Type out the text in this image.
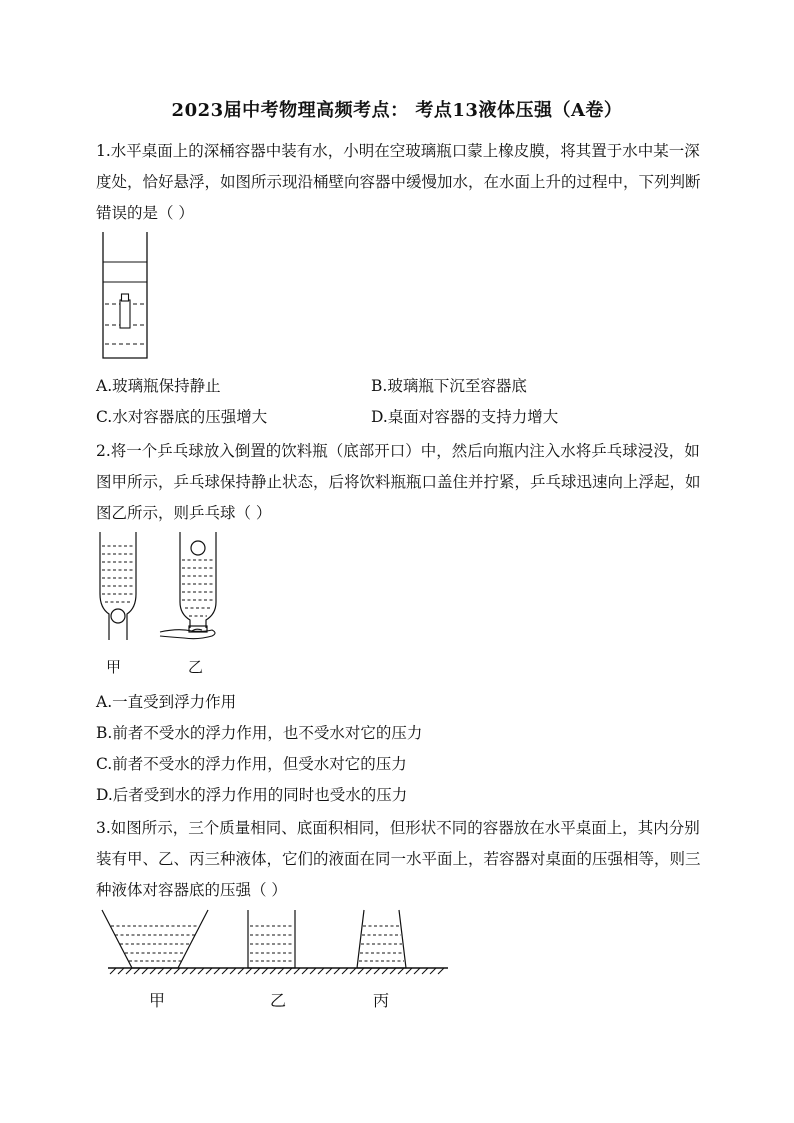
2023届中考物理高频考点： 考点13液体压强（A卷）
1.水平桌面上的深桶容器中装有水，小明在空玻璃瓶口蒙上橡皮膜，将其置于水中某一深度处，恰好悬浮，如图所示现沿桶壁向容器中缓慢加水，在水面上升的过程中，下列判断错误的是（ ）
A.玻璃瓶保持静止	B.玻璃瓶下沉至容器底
C.水对容器底的压强增大	D.桌面对容器的支持力增大
2.将一个乒乓球放入倒置的饮料瓶（底部开口）中，然后向瓶内注入水将乒乓球浸没，如图甲所示，乒乓球保持静止状态，后将饮料瓶瓶口盖住并拧紧，乒乓球迅速向上浮起，如图乙所示，则乒乓球（ ）
甲	乙
A.一直受到浮力作用
B.前者不受水的浮力作用，也不受水对它的压力
C.前者不受水的浮力作用，但受水对它的压力
D.后者受到水的浮力作用的同时也受水的压力
3.如图所示，三个质量相同、底面积相同，但形状不同的容器放在水平桌面上，其内分别装有甲、乙、丙三种液体，它们的液面在同一水平面上，若容器对桌面的压强相等，则三种液体对容器底的压强（ ）
甲	乙	丙
